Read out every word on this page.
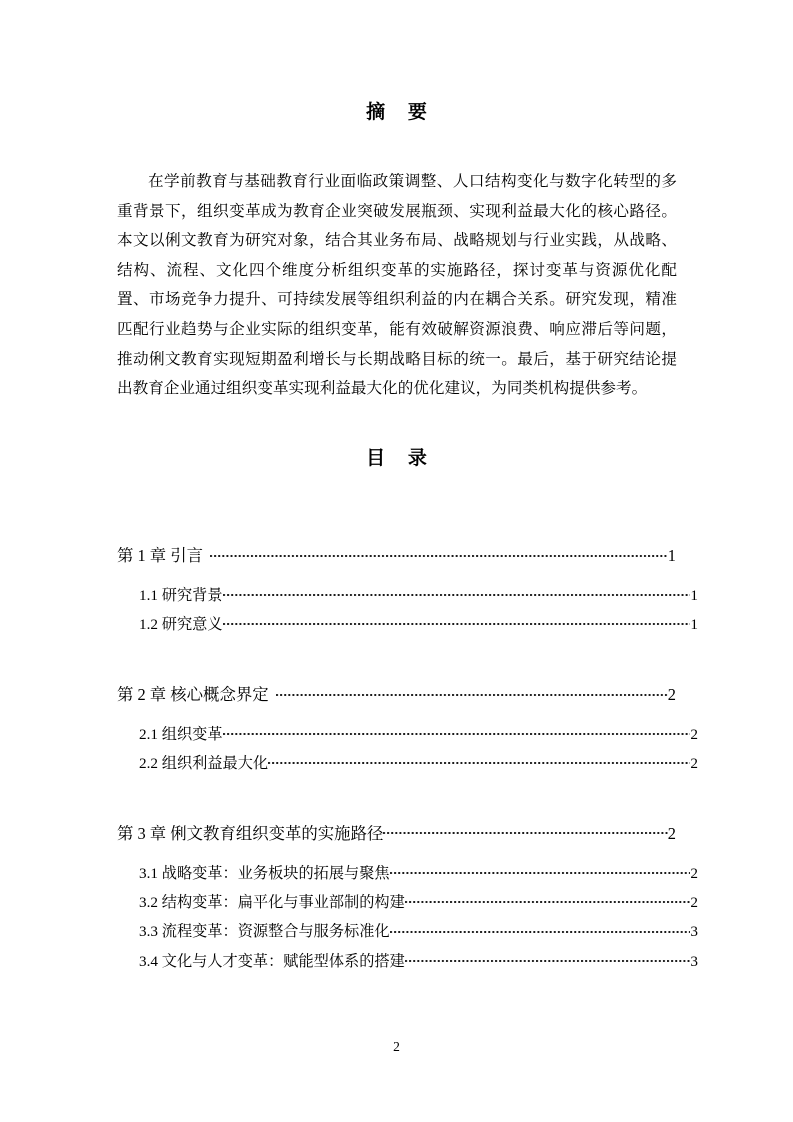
摘 要

在学前教育与基础教育行业面临政策调整、人口结构变化与数字化转型的多重背景下，组织变革成为教育企业突破发展瓶颈、实现利益最大化的核心路径。本文以俐文教育为研究对象，结合其业务布局、战略规划与行业实践，从战略、结构、流程、文化四个维度分析组织变革的实施路径，探讨变革与资源优化配置、市场竞争力提升、可持续发展等组织利益的内在耦合关系。研究发现，精准匹配行业趋势与企业实际的组织变革，能有效破解资源浪费、响应滞后等问题，推动俐文教育实现短期盈利增长与长期战略目标的统一。最后，基于研究结论提出教育企业通过组织变革实现利益最大化的优化建议，为同类机构提供参考。

目 录
第 1 章 引言	1
1.1 研究背景	1
1.2 研究意义	1
第 2 章 核心概念界定	2
2.1 组织变革	2
2.2 组织利益最大化	2
第 3 章 俐文教育组织变革的实施路径	2
3.1 战略变革：业务板块的拓展与聚焦	2
3.2 结构变革：扁平化与事业部制的构建	2
3.3 流程变革：资源整合与服务标准化	3
3.4 文化与人才变革：赋能型体系的搭建	3
2
